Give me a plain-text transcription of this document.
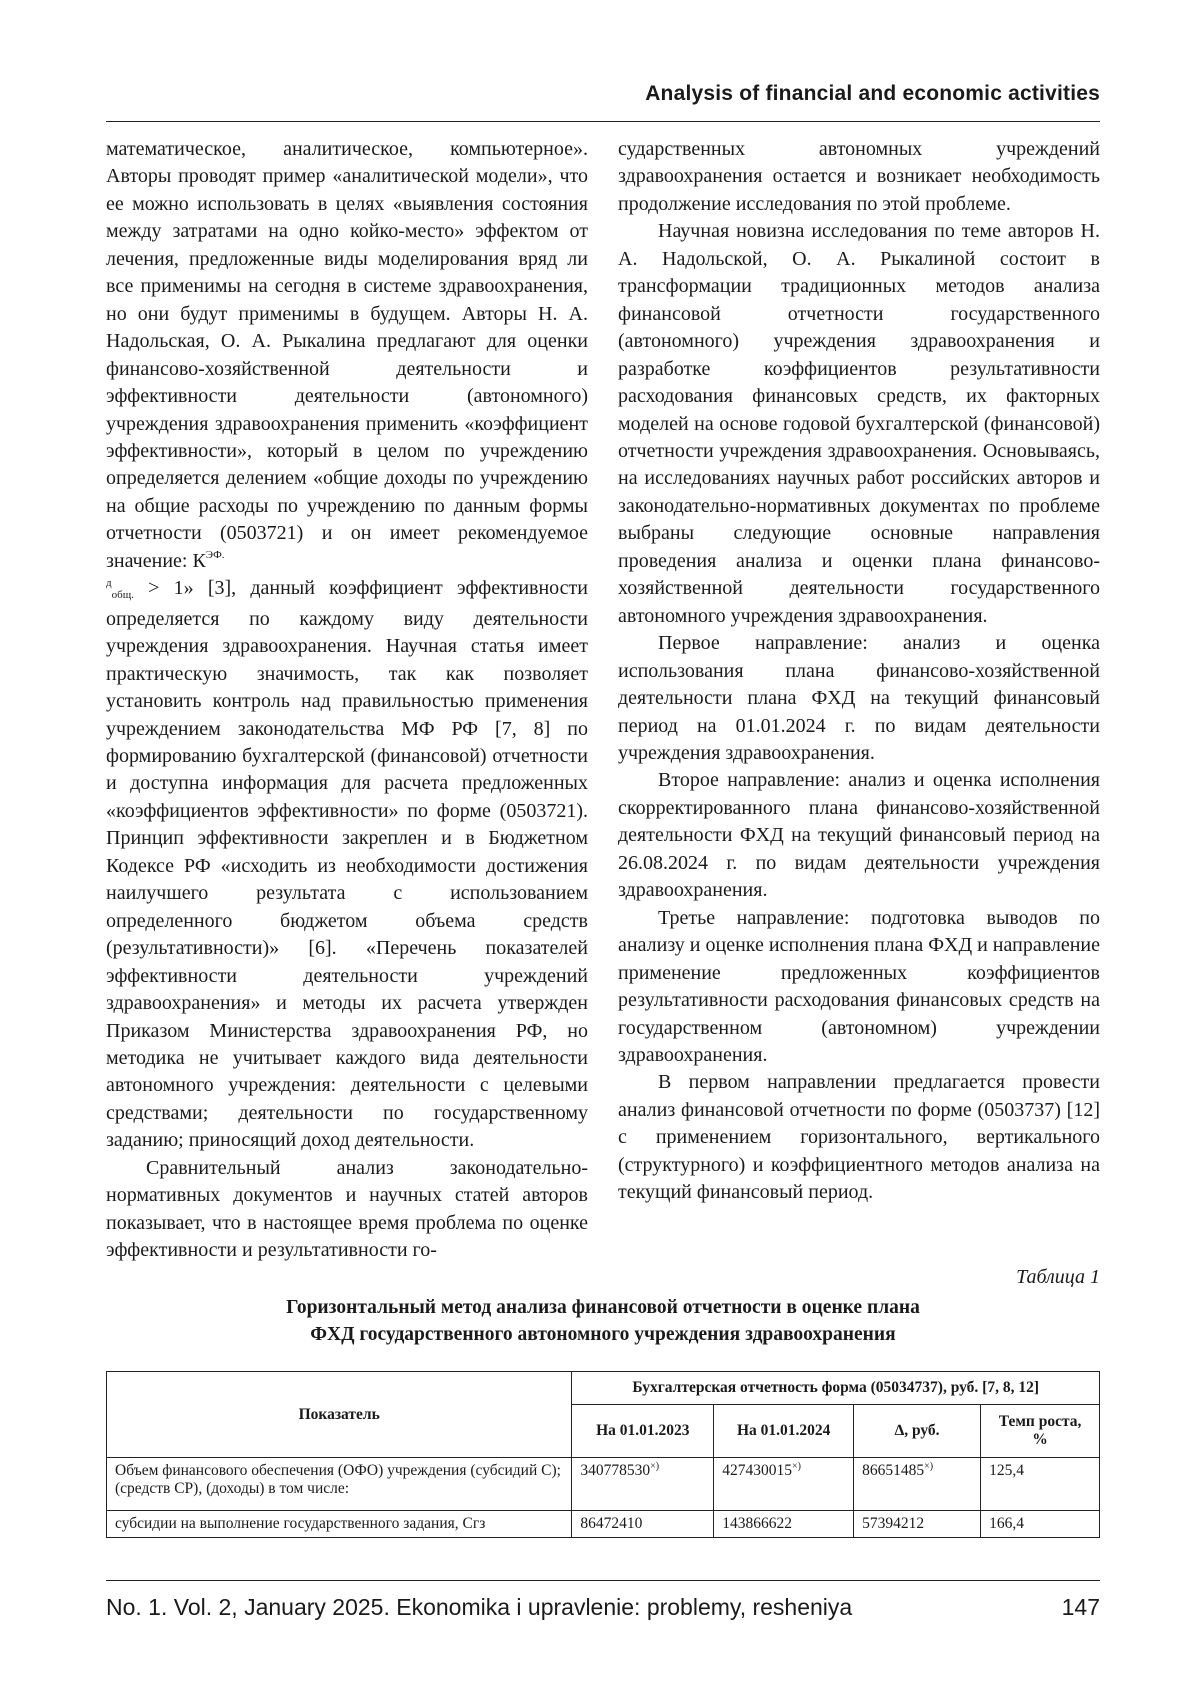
Analysis of financial and economic activities

математическое, аналитическое, компьютерное». Авторы проводят пример «аналитической модели», что ее можно использовать в целях «выявления состояния между затратами на одно койко-место» эффектом от лечения, предложенные виды моделирования вряд ли все применимы на сегодня в системе здравоохранения, но они будут применимы в будущем. Авторы Н. А. Надольская, О. А. Рыкалина предлагают для оценки финансово-хозяйственной деятельности и эффективности деятельности (автономного) учреждения здравоохранения применить «коэффициент эффективности», который в целом по учреждению определяется делением «общие доходы по учреждению на общие расходы по учреждению по данным формы отчетности (0503721) и он имеет рекомендуемое значение: $К^{ЭФ.}$
$^д_{общ.}$ > 1» [3], данный коэффициент эффективности определяется по каждому виду деятельности учреждения здравоохранения. Научная статья имеет практическую значимость, так как позволяет установить контроль над правильностью применения учреждением законодательства МФ РФ [7, 8] по формированию бухгалтерской (финансовой) отчетности и доступна информация для расчета предложенных «коэффициентов эффективности» по форме (0503721). Принцип эффективности закреплен и в Бюджетном Кодексе РФ «исходить из необходимости достижения наилучшего результата с использованием определенного бюджетом объема средств (результативности)» [6]. «Перечень показателей эффективности деятельности учреждений здравоохранения» и методы их расчета утвержден Приказом Министерства здравоохранения РФ, но методика не учитывает каждого вида деятельности автономного учреждения: деятельности с целевыми средствами; деятельности по государственному заданию; приносящий доход деятельности.

Сравнительный анализ законодательно-нормативных документов и научных статей авторов показывает, что в настоящее время проблема по оценке эффективности и результативности го-

сударственных автономных учреждений здравоохранения остается и возникает необходимость продолжение исследования по этой проблеме.

Научная новизна исследования по теме авторов Н. А. Надольской, О. А. Рыкалиной состоит в трансформации традиционных методов анализа финансовой отчетности государственного (автономного) учреждения здравоохранения и разработке коэффициентов результативности расходования финансовых средств, их факторных моделей на основе годовой бухгалтерской (финансовой) отчетности учреждения здравоохранения. Основываясь, на исследованиях научных работ российских авторов и законодательно-нормативных документах по проблеме выбраны следующие основные направления проведения анализа и оценки плана финансово-хозяйственной деятельности государственного автономного учреждения здравоохранения.

Первое направление: анализ и оценка использования плана финансово-хозяйственной деятельности плана ФХД на текущий финансовый период на 01.01.2024 г. по видам деятельности учреждения здравоохранения.

Второе направление: анализ и оценка исполнения скорректированного плана финансово-хозяйственной деятельности ФХД на текущий финансовый период на 26.08.2024 г. по видам деятельности учреждения здравоохранения.

Третье направление: подготовка выводов по анализу и оценке исполнения плана ФХД и направление применение предложенных коэффициентов результативности расходования финансовых средств на государственном (автономном) учреждении здравоохранения.

В первом направлении предлагается провести анализ финансовой отчетности по форме (0503737) [12] с применением горизонтального, вертикального (структурного) и коэффициентного методов анализа на текущий финансовый период.

Таблица 1
Горизонтальный метод анализа финансовой отчетности в оценке плана
ФХД государственного автономного учреждения здравоохранения
Показатель	Бухгалтерская отчетность форма (05034737), руб. [7, 8, 12]			
	На 01.01.2023	На 01.01.2024	∆, руб.	Темп роста, %
Объем финансового обеспечения (ОФО) учреждения (субсидий С); (средств СР), (доходы) в том числе:	340778530×)	427430015×)	86651485×)	125,4
субсидии на выполнение государственного задания, Сгз	86472410	143866622	57394212	166,4
No. 1. Vol. 2, January 2025. Ekonomika i upravlenie: problemy, resheniya	147
